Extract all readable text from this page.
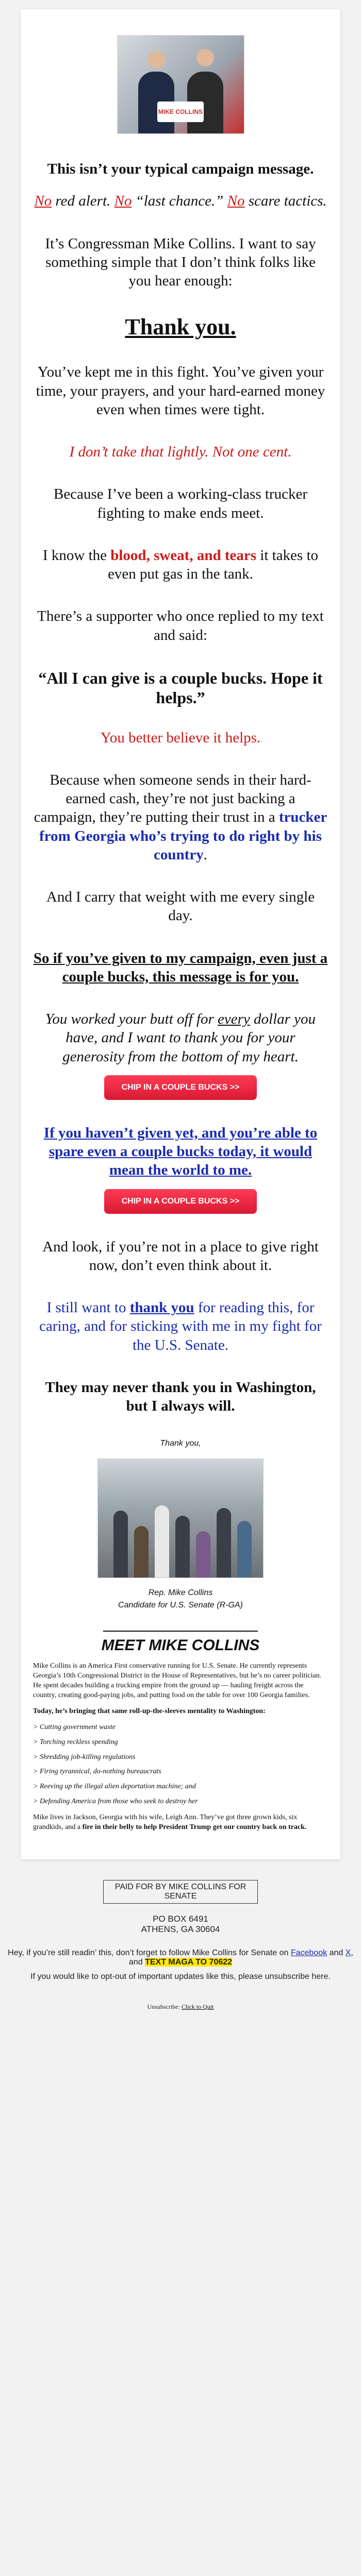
MIKE COLLINS
This isn’t your typical campaign message.

No red alert. No “last chance.” No scare tactics.

It’s Congressman Mike Collins. I want to say something simple that I don’t think folks like you hear enough:

Thank you.

You’ve kept me in this fight. You’ve given your time, your prayers, and your hard-earned money even when times were tight.

I don’t take that lightly. Not one cent.

Because I’ve been a working-class trucker fighting to make ends meet.

I know the blood, sweat, and tears it takes to even put gas in the tank.

There’s a supporter who once replied to my text and said:

“All I can give is a couple bucks. Hope it helps.”

You better believe it helps.

Because when someone sends in their hard-earned cash, they’re not just backing a campaign, they’re putting their trust in a trucker from Georgia who’s trying to do right by his country.

And I carry that weight with me every single day.

So if you’ve given to my campaign, even just a couple bucks, this message is for you.

You worked your butt off for every dollar you have, and I want to thank you for your generosity from the bottom of my heart.

CHIP IN A COUPLE BUCKS >>

If you haven’t given yet, and you’re able to spare even a couple bucks today, it would mean the world to me.

CHIP IN A COUPLE BUCKS >>

And look, if you’re not in a place to give right now, don’t even think about it.

I still want to thank you for reading this, for caring, and for sticking with me in my fight for the U.S. Senate.

They may never thank you in Washington, but I always will.

Thank you,

Rep. Mike Collins

Candidate for U.S. Senate (R-GA)

MEET MIKE COLLINS

Mike Collins is an America First conservative running for U.S. Senate. He currently represents Georgia’s 10th Congressional District in the House of Representatives, but he’s no career politician. He spent decades building a trucking empire from the ground up — hauling freight across the country, creating good-paying jobs, and putting food on the table for over 100 Georgia families.

Today, he’s bringing that same roll-up-the-sleeves mentality to Washington:

> Cutting government waste
> Torching reckless spending
> Shredding job-killing regulations
> Firing tyrannical, do-nothing bureaucrats
> Reeving up the illegal alien deportation machine; and
> Defending America from those who seek to destroy her

Mike lives in Jackson, Georgia with his wife, Leigh Ann. They’ve got three grown kids, six grandkids, and a fire in their belly to help President Trump get our country back on track.

PAID FOR BY MIKE COLLINS FOR SENATE
PO BOX 6491
ATHENS, GA 30604

Hey, if you’re still readin’ this, don’t forget to follow Mike Collins for Senate on Facebook and X, and TEXT MAGA TO 70622

If you would like to opt-out of important updates like this, please unsubscribe here.

Unsubscribe: Click to Quit
